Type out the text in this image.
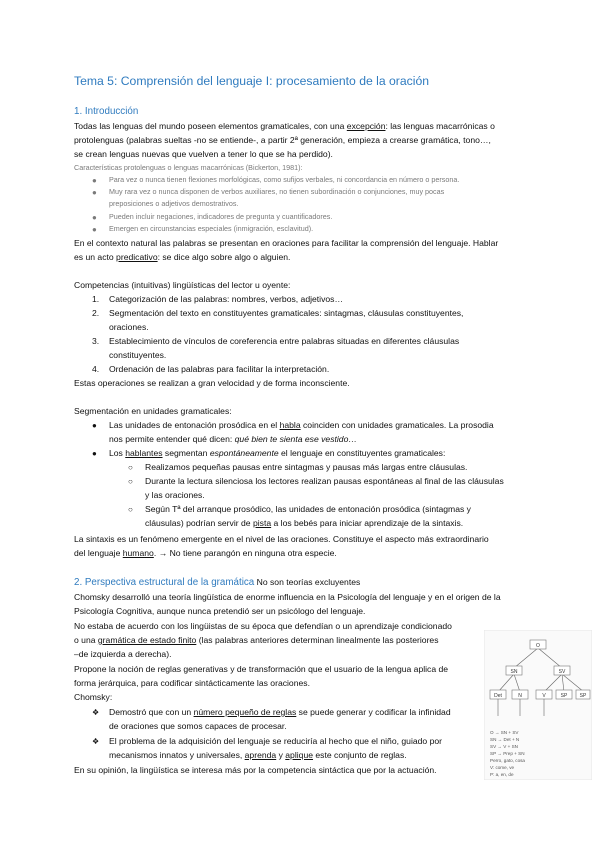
Tema 5: Comprensión del lenguaje I: procesamiento de la oración
1. Introducción
Todas las lenguas del mundo poseen elementos gramaticales, con una excepción: las lenguas macarrónicas o
protolenguas (palabras sueltas -no se entiende-, a partir 2ª generación, empieza a crearse gramática, tono…,
se crean lenguas nuevas que vuelven a tener lo que se ha perdido).
Características protolenguas o lenguas macarrónicas (Bickerton, 1981):
● Para vez o nunca tienen flexiones morfológicas, como sufijos verbales, ni concordancia en número o persona.
● Muy rara vez o nunca disponen de verbos auxiliares, no tienen subordinación o conjunciones, muy pocas
preposiciones o adjetivos demostrativos.
● Pueden incluir negaciones, indicadores de pregunta y cuantificadores.
● Emergen en circunstancias especiales (inmigración, esclavitud).
En el contexto natural las palabras se presentan en oraciones para facilitar la comprensión del lenguaje. Hablar
es un acto predicativo: se dice algo sobre algo o alguien.
Competencias (intuitivas) lingüísticas del lector u oyente:
1. Categorización de las palabras: nombres, verbos, adjetivos…
2. Segmentación del texto en constituyentes gramaticales: sintagmas, cláusulas constituyentes,
oraciones.
3. Establecimiento de vínculos de coreferencia entre palabras situadas en diferentes cláusulas
constituyentes.
4. Ordenación de las palabras para facilitar la interpretación.
Estas operaciones se realizan a gran velocidad y de forma inconsciente.
Segmentación en unidades gramaticales:
● Las unidades de entonación prosódica en el habla coinciden con unidades gramaticales. La prosodia
nos permite entender qué dicen: qué bien te sienta ese vestido…
● Los hablantes segmentan espontáneamente el lenguaje en constituyentes gramaticales:
○ Realizamos pequeñas pausas entre sintagmas y pausas más largas entre cláusulas.
○ Durante la lectura silenciosa los lectores realizan pausas espontáneas al final de las cláusulas
y las oraciones.
○ Según Tª del arranque prosódico, las unidades de entonación prosódica (sintagmas y
cláusulas) podrían servir de pista a los bebés para iniciar aprendizaje de la sintaxis.
La sintaxis es un fenómeno emergente en el nivel de las oraciones. Constituye el aspecto más extraordinario
del lenguaje humano. → No tiene parangón en ninguna otra especie.
2. Perspectiva estructural de la gramática No son teorías excluyentes
Chomsky desarrolló una teoría lingüística de enorme influencia en la Psicología del lenguaje y en el origen de la
Psicología Cognitiva, aunque nunca pretendió ser un psicólogo del lenguaje.
No estaba de acuerdo con los lingüistas de su época que defendían o un aprendizaje condicionado
o una gramática de estado finito (las palabras anteriores determinan linealmente las posteriores
–de izquierda a derecha).
Propone la noción de reglas generativas y de transformación que el usuario de la lengua aplica de
forma jerárquica, para codificar sintácticamente las oraciones.
Chomsky:
❖ Demostró que con un número pequeño de reglas se puede generar y codificar la infinidad
de oraciones que somos capaces de procesar.
❖ El problema de la adquisición del lenguaje se reduciría al hecho que el niño, guiado por
mecanismos innatos y universales, aprenda y aplique este conjunto de reglas.
En su opinión, la lingüística se interesa más por la competencia sintáctica que por la actuación.
O
SN	SV
Det	N	V	SP SP
O → SN + SV
SN → Det + N
SV → V + SN
SP → Prep + SN
Perro, gato, cosa
V: come, ve
P: a, en, de
